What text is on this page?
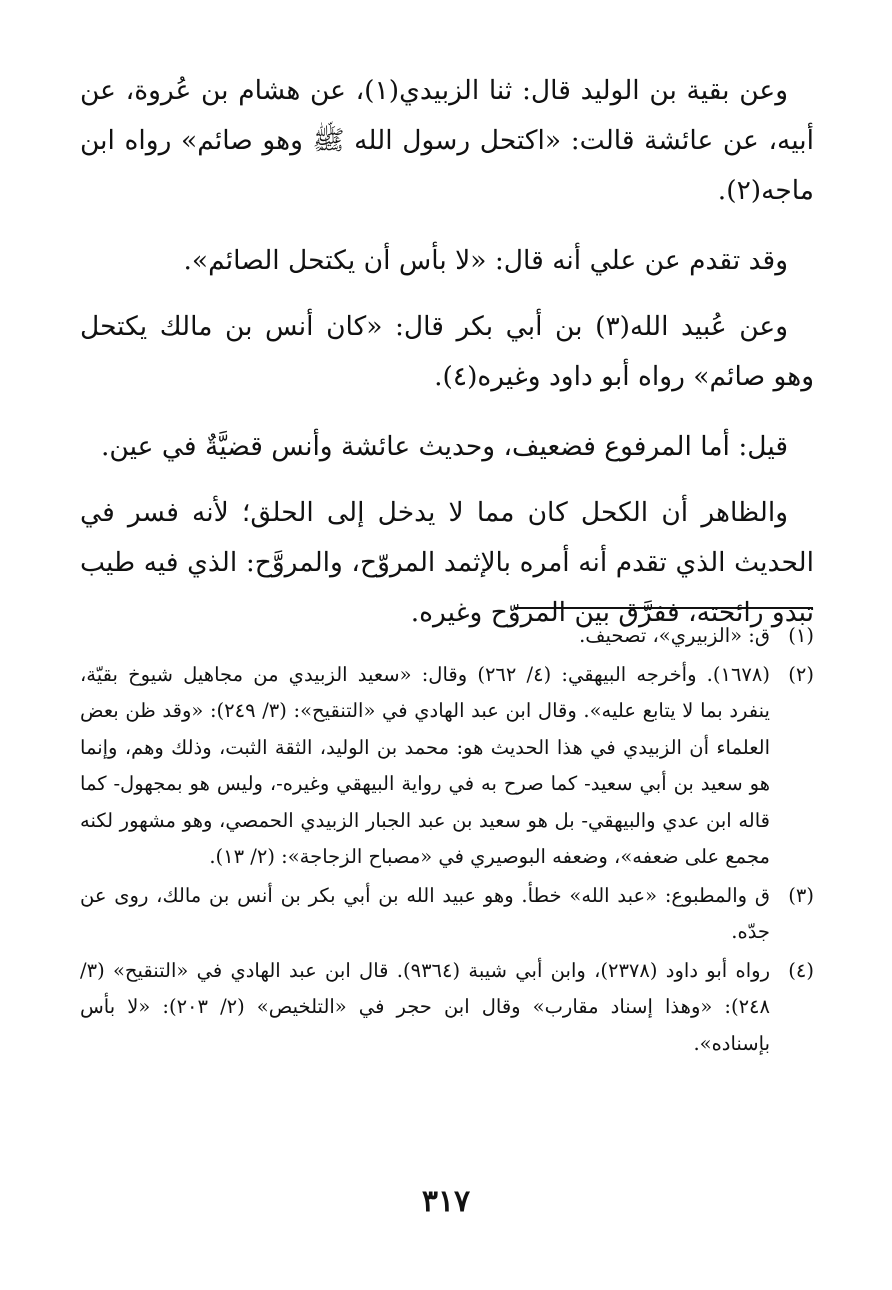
وعن بقية بن الوليد قال: ثنا الزبيدي(١)، عن هشام بن عُروة، عن أبيه، عن عائشة قالت: «اكتحل رسول الله ﷺ وهو صائم» رواه ابن ماجه(٢).

وقد تقدم عن علي أنه قال: «لا بأس أن يكتحل الصائم».

وعن عُبيد الله(٣) بن أبي بكر قال: «كان أنس بن مالك يكتحل وهو صائم» رواه أبو داود وغيره(٤).

قيل: أما المرفوع فضعيف، وحديث عائشة وأنس قضيَّةٌ في عين.

والظاهر أن الكحل كان مما لا يدخل إلى الحلق؛ لأنه فسر في الحديث الذي تقدم أنه أمره بالإثمد المروّح، والمروَّح: الذي فيه طيب تبدو رائحته، ففرَّق بين المروّح وغيره.

(١)
ق: «الزبيري»، تصحيف.
(٢)
(١٦٧٨). وأخرجه البيهقي: (٤/ ٢٦٢) وقال: «سعيد الزبيدي من مجاهيل شيوخ بقيّة، ينفرد بما لا يتابع عليه». وقال ابن عبد الهادي في «التنقيح»: (٣/ ٢٤٩): «وقد ظن بعض العلماء أن الزبيدي في هذا الحديث هو: محمد بن الوليد، الثقة الثبت، وذلك وهم، وإنما هو سعيد بن أبي سعيد- كما صرح به في رواية البيهقي وغيره-، وليس هو بمجهول- كما قاله ابن عدي والبيهقي- بل هو سعيد بن عبد الجبار الزبيدي الحمصي، وهو مشهور لكنه مجمع على ضعفه»، وضعفه البوصيري في «مصباح الزجاجة»: (٢/ ١٣).
(٣)
ق والمطبوع: «عبد الله» خطأ. وهو عبيد الله بن أبي بكر بن أنس بن مالك، روى عن جدّه.
(٤)
رواه أبو داود (٢٣٧٨)، وابن أبي شيبة (٩٣٦٤). قال ابن عبد الهادي في «التنقيح» (٣/ ٢٤٨): «وهذا إسناد مقارب» وقال ابن حجر في «التلخيص» (٢/ ٢٠٣): «لا بأس بإسناده».
٣١٧
